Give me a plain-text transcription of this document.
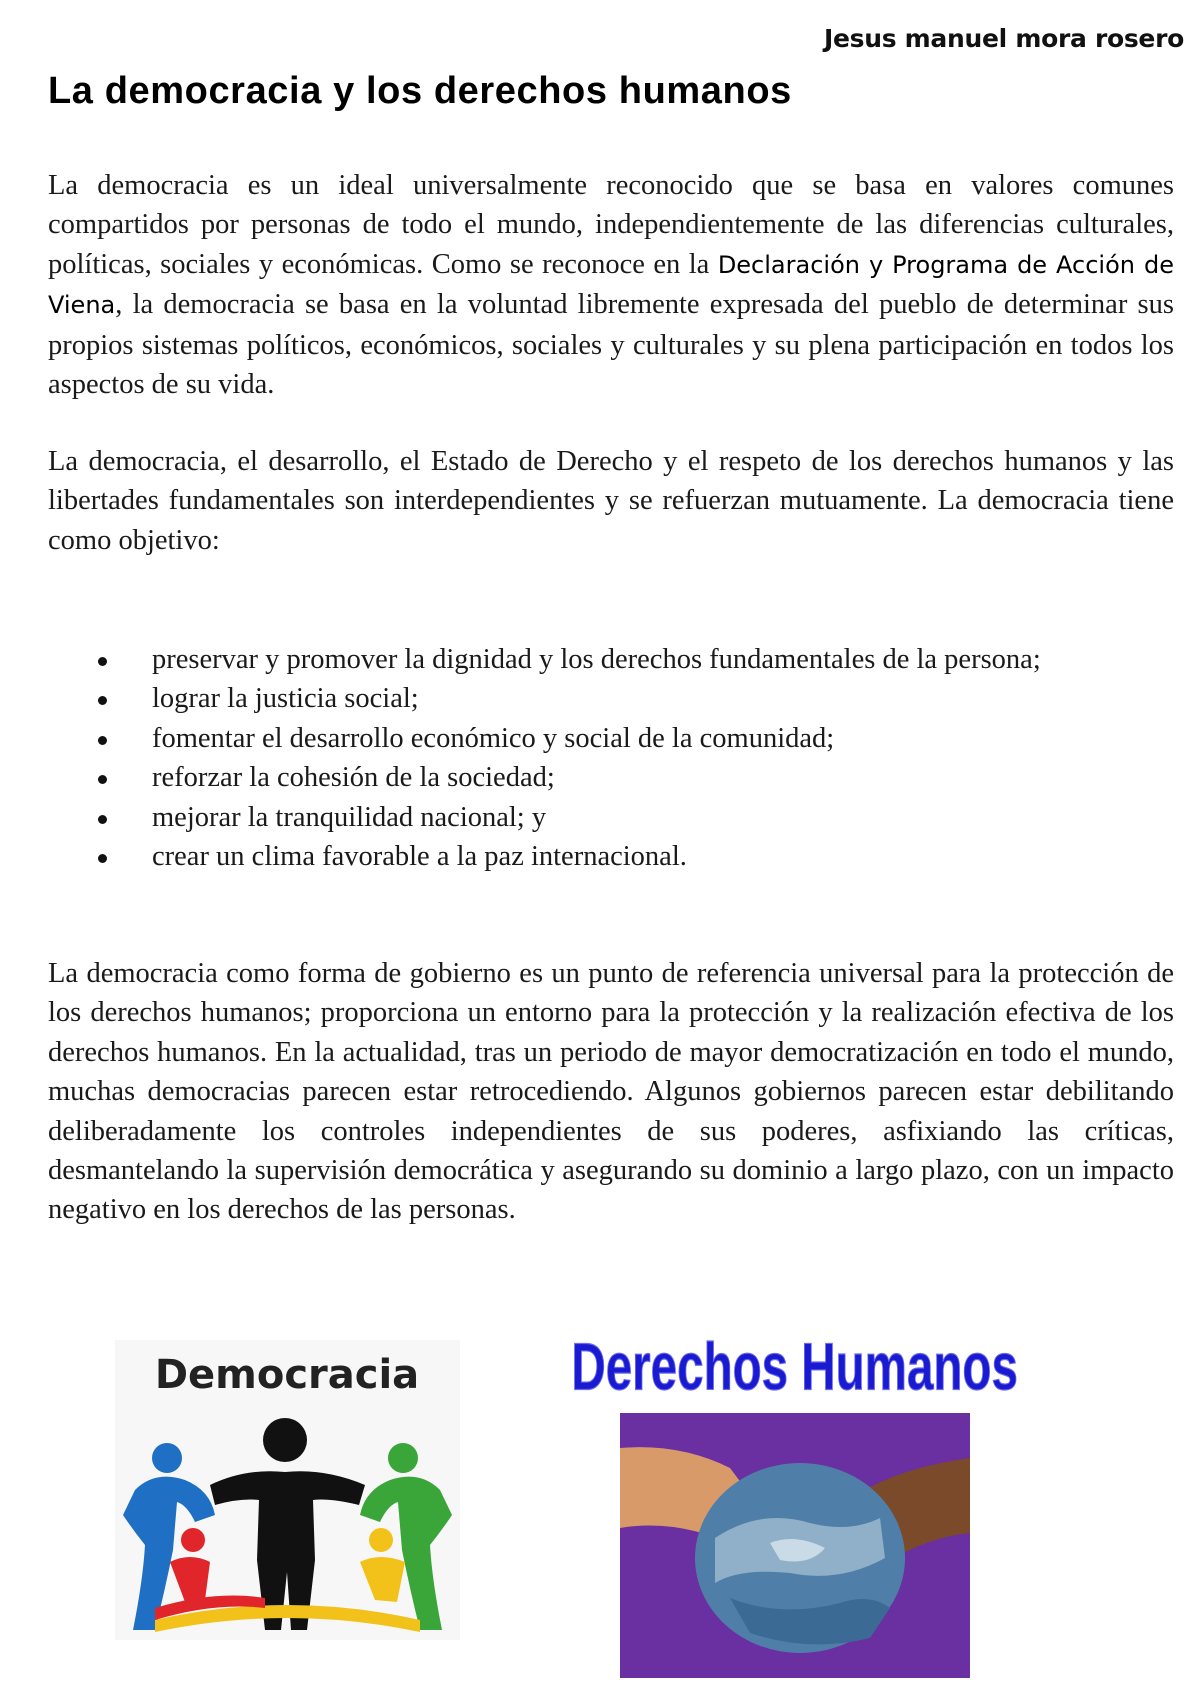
Jesus manuel mora rosero
La democracia y los derechos humanos

La democracia es un ideal universalmente reconocido que se basa en valores comunes compartidos por personas de todo el mundo, independientemente de las diferencias culturales, políticas, sociales y económicas. Como se reconoce en la Declaración y Programa de Acción de Viena, la democracia se basa en la voluntad libremente expresada del pueblo de determinar sus propios sistemas políticos, económicos, sociales y culturales y su plena participación en todos los aspectos de su vida.

La democracia, el desarrollo, el Estado de Derecho y el respeto de los derechos humanos y las libertades fundamentales son interdependientes y se refuerzan mutuamente. La democracia tiene como objetivo:

preservar y promover la dignidad y los derechos fundamentales de la persona;
lograr la justicia social;
fomentar el desarrollo económico y social de la comunidad;
reforzar la cohesión de la sociedad;
mejorar la tranquilidad nacional; y
crear un clima favorable a la paz internacional.

La democracia como forma de gobierno es un punto de referencia universal para la protección de los derechos humanos; proporciona un entorno para la protección y la realización efectiva de los derechos humanos. En la actualidad, tras un periodo de mayor democratización en todo el mundo, muchas democracias parecen estar retrocediendo. Algunos gobiernos parecen estar debilitando deliberadamente los controles independientes de sus poderes, asfixiando las críticas, desmantelando la supervisión democrática y asegurando su dominio a largo plazo, con un impacto negativo en los derechos de las personas.

Democracia	Derechos Humanos
